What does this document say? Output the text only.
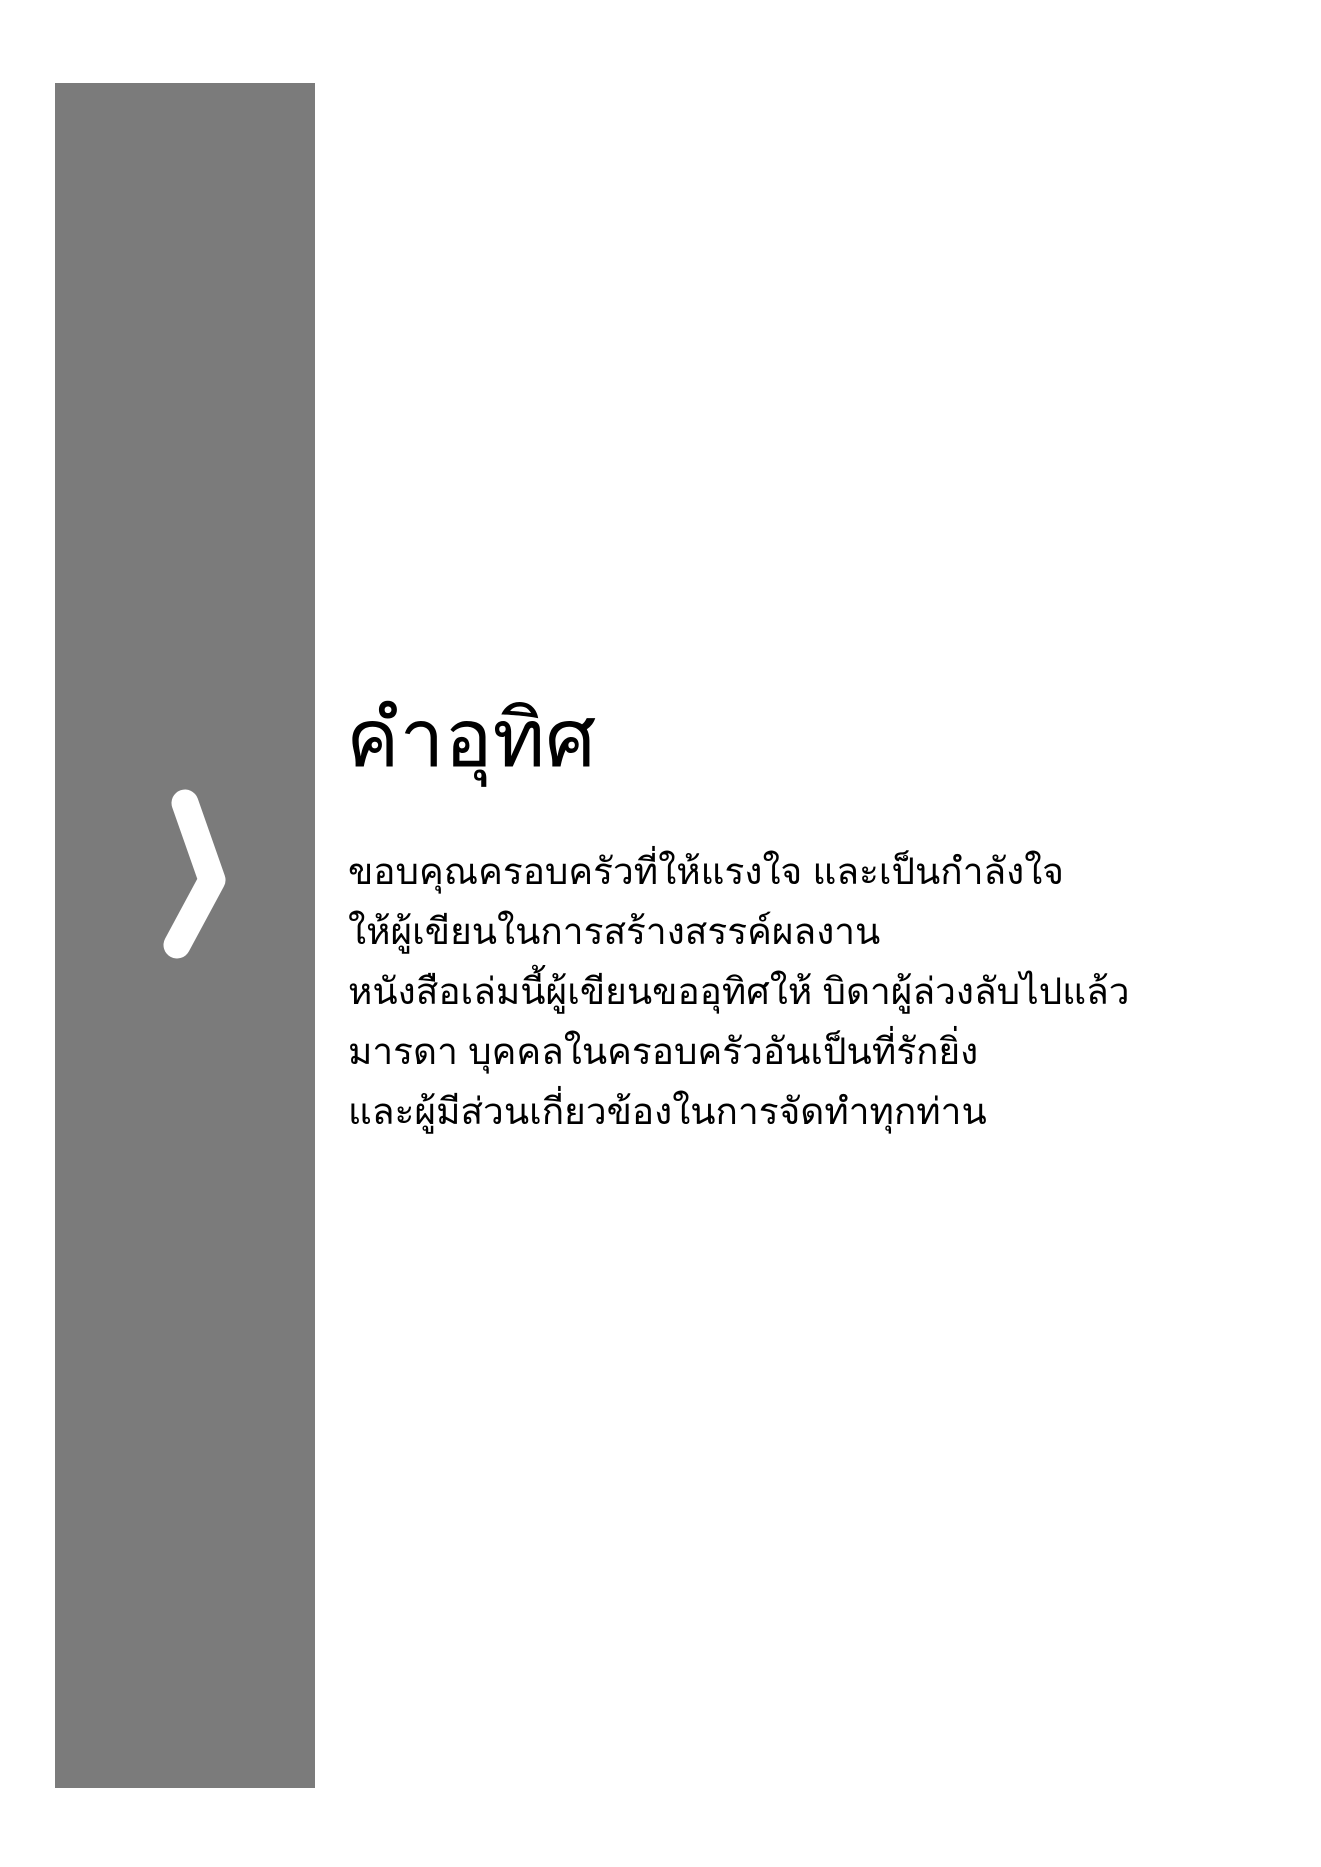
คำอุทิศ
ขอบคุณครอบครัวที่ให้แรงใจ และเป็นกำลังใจ
ให้ผู้เขียนในการสร้างสรรค์ผลงาน
หนังสือเล่มนี้ผู้เขียนขออุทิศให้ บิดาผู้ล่วงลับไปแล้ว
มารดา บุคคลในครอบครัวอันเป็นที่รักยิ่ง
และผู้มีส่วนเกี่ยวข้องในการจัดทำทุกท่าน
